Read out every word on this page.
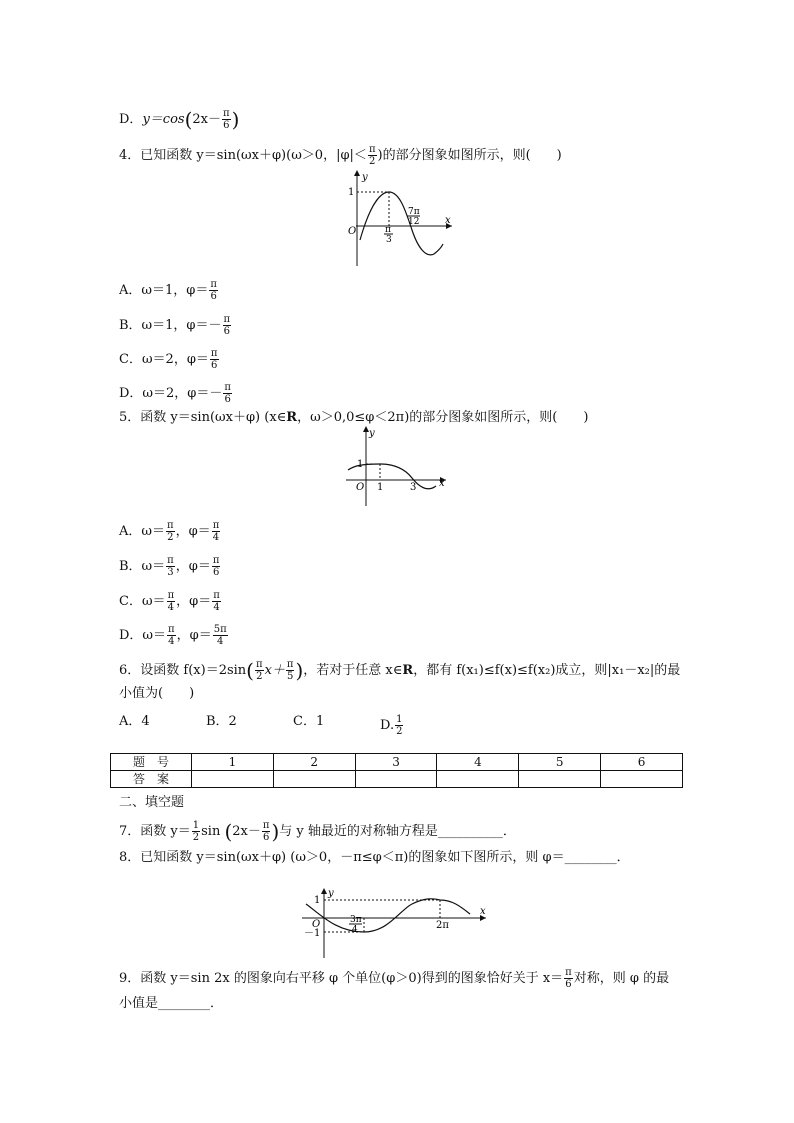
D．$y=\cos(2x- \frac{\pi}{6}$ )
4．已知函数 y＝sin(ωx＋φ)(ω＞0，$|\varphi|< \frac{\pi}{2}$ )的部分图象如图所示，则(　　)
y
x
O
1
π
3
7π
12
A．ω＝1，$\varphi= \frac{\pi}{6}$
B．ω＝1，$\varphi=- \frac{\pi}{6}$
C．ω＝2，$\varphi= \frac{\pi}{6}$
D．ω＝2，$\varphi=- \frac{\pi}{6}$
5．函数 y＝sin(ωx＋φ) (x∈R，ω＞0,0≤φ＜2π)的部分图象如图所示，则(　　)
y
x
O
1
1	3
A．$\omega= \frac{\pi}{2}$ ，$\varphi= \frac{\pi}{4}$
B．$\omega= \frac{\pi}{3}$ ，$\varphi= \frac{\pi}{6}$
C．$\omega= \frac{\pi}{4}$ ，$\varphi= \frac{\pi}{4}$
D．$\omega= \frac{\pi}{4}$ ，$\varphi= \frac{5\pi}{4}$
6．设函数 $f(x)=2\sin( \frac{\pi}{2} x+ \frac{\pi}{5}$ )，若对于任意 x∈R，都有 f(x₁)≤f(x)≤f(x₂)成立，则|x₁－x₂|的最
小值为(　　)
A．4	B．2	C．1	D. $\frac{1}{2}$
题　号	1	2	3	4	5	6
答　案						
二、填空题
7．函数 $y= \frac{1}{2}$ $\sin (2x- \frac{\pi}{6}$ )与 y 轴最近的对称轴方程是__________．
8．已知函数 y＝sin(ωx＋φ) (ω＞0，－π≤φ＜π)的图象如下图所示，则 φ＝________．
y
x
O
1
－1
3π
4	2π
9．函数 y＝sin 2x 的图象向右平移 φ 个单位(φ＞0)得到的图象恰好关于 $x= \frac{\pi}{6}$ 对称，则 φ 的最
小值是________．
